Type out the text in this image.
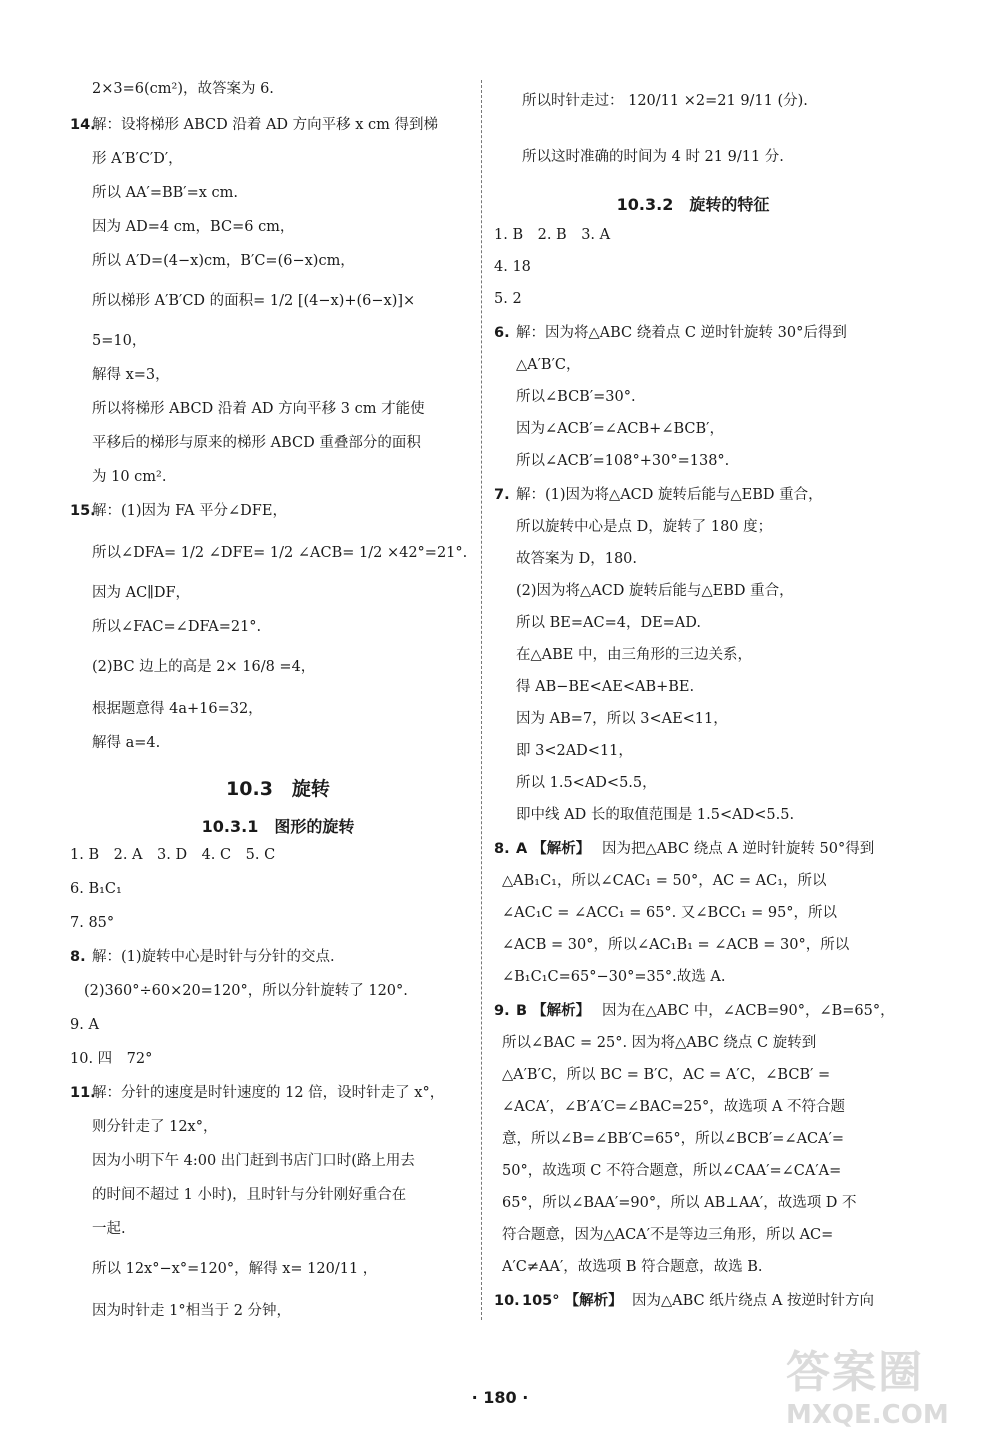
2×3=6(cm²)，故答案为 6.
14.
解：设将梯形 ABCD 沿着 AD 方向平移 x cm 得到梯
形 A′B′C′D′，
所以 AA′=BB′=x cm.
因为 AD=4 cm，BC=6 cm，
所以 A′D=(4−x)cm，B′C=(6−x)cm，
所以梯形 A′B′CD 的面积= 1/2 [(4−x)+(6−x)]×
5=10，
解得 x=3，
所以将梯形 ABCD 沿着 AD 方向平移 3 cm 才能使
平移后的梯形与原来的梯形 ABCD 重叠部分的面积
为 10 cm².
15.
解：(1)因为 FA 平分∠DFE，
所以∠DFA= 1/2 ∠DFE= 1/2 ∠ACB= 1/2 ×42°=21°.
因为 AC∥DF，
所以∠FAC=∠DFA=21°.
(2)BC 边上的高是 2× 16/8 =4，
根据题意得 4a+16=32，
解得 a=4.
10.3　旋转
10.3.1　图形的旋转
1. B　2. A　3. D　4. C　5. C
6. B₁C₁
7. 85°
8. 解：(1)旋转中心是时针与分针的交点.
(2)360°÷60×20=120°，所以分针旋转了 120°.
9. A
10. 四　72°
11.
解：分针的速度是时针速度的 12 倍，设时针走了 x°，
则分针走了 12x°，
因为小明下午 4:00 出门赶到书店门口时(路上用去
的时间不超过 1 小时)，且时针与分针刚好重合在
一起.
所以 12x°−x°=120°，解得 x= 120/11 ，
因为时针走 1°相当于 2 分钟，
所以时针走过： 120/11 ×2=21 9/11 (分).
所以这时准确的时间为 4 时 21 9/11 分.
10.3.2　旋转的特征
1. B　2. B　3. A
4. 18
5. 2
6. 解：因为将△ABC 绕着点 C 逆时针旋转 30°后得到
△A′B′C，
所以∠BCB′=30°.
因为∠ACB′=∠ACB+∠BCB′，
所以∠ACB′=108°+30°=138°.
7. 解：(1)因为将△ACD 旋转后能与△EBD 重合，
所以旋转中心是点 D，旋转了 180 度；
故答案为 D，180.
(2)因为将△ACD 旋转后能与△EBD 重合，
所以 BE=AC=4，DE=AD.
在△ABE 中，由三角形的三边关系，
得 AB−BE<AE<AB+BE.
因为 AB=7，所以 3<AE<11，
即 3<2AD<11，
所以 1.5<AD<5.5，
即中线 AD 长的取值范围是 1.5<AD<5.5.
8. A 【解析】 因为把△ABC 绕点 A 逆时针旋转 50°得到
△AB₁C₁，所以∠CAC₁ = 50°，AC = AC₁，所以
∠AC₁C = ∠ACC₁ = 65°. 又∠BCC₁ = 95°，所以
∠ACB = 30°，所以∠AC₁B₁ = ∠ACB = 30°，所以
∠B₁C₁C=65°−30°=35°.故选 A.
9. B 【解析】 因为在△ABC 中，∠ACB=90°，∠B=65°，
所以∠BAC = 25°. 因为将△ABC 绕点 C 旋转到
△A′B′C，所以 BC = B′C，AC = A′C，∠BCB′ =
∠ACA′，∠B′A′C=∠BAC=25°，故选项 A 不符合题
意，所以∠B=∠BB′C=65°，所以∠BCB′=∠ACA′=
50°，故选项 C 不符合题意，所以∠CAA′=∠CA′A=
65°，所以∠BAA′=90°，所以 AB⊥AA′，故选项 D 不
符合题意，因为△ACA′不是等边三角形，所以 AC=
A′C≠AA′，故选项 B 符合题意，故选 B.
10. 105° 【解析】 因为△ABC 纸片绕点 A 按逆时针方向
· 180 ·	答案圈
MXQE.COM
